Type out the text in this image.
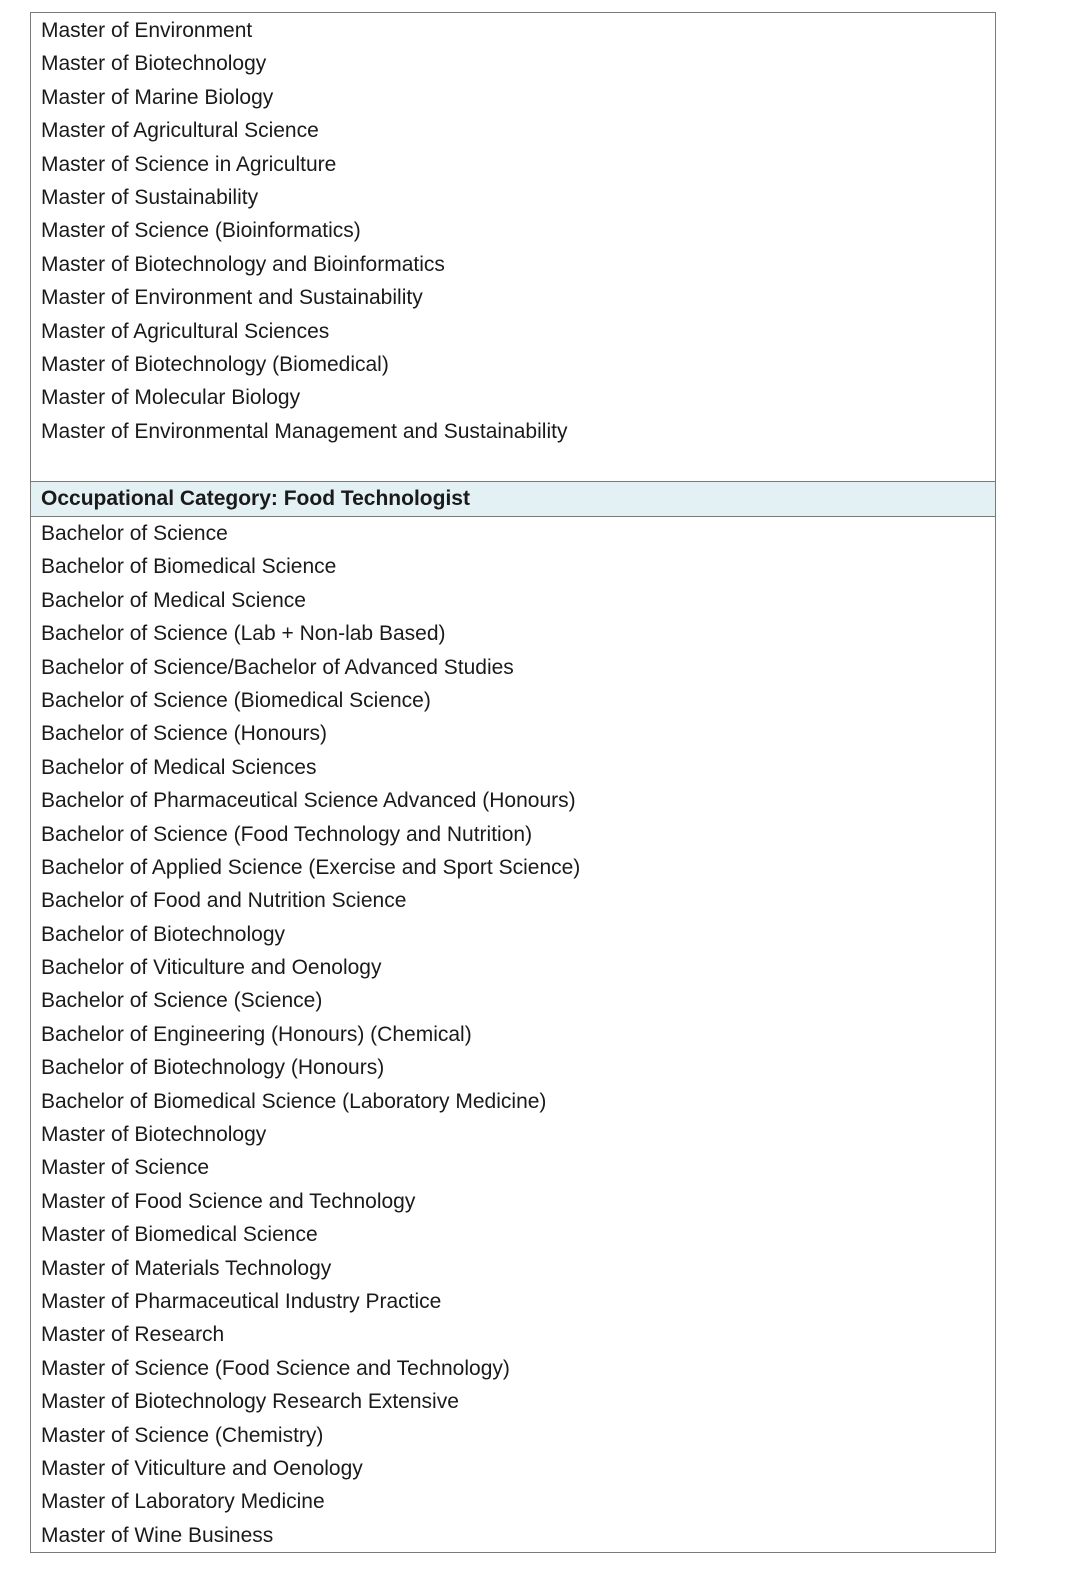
Master of Environment
Master of Biotechnology
Master of Marine Biology
Master of Agricultural Science
Master of Science in Agriculture
Master of Sustainability
Master of Science (Bioinformatics)
Master of Biotechnology and Bioinformatics
Master of Environment and Sustainability
Master of Agricultural Sciences
Master of Biotechnology (Biomedical)
Master of Molecular Biology
Master of Environmental Management and Sustainability
Occupational Category: Food Technologist
Bachelor of Science
Bachelor of Biomedical Science
Bachelor of Medical Science
Bachelor of Science (Lab + Non-lab Based)
Bachelor of Science/Bachelor of Advanced Studies
Bachelor of Science (Biomedical Science)
Bachelor of Science (Honours)
Bachelor of Medical Sciences
Bachelor of Pharmaceutical Science Advanced (Honours)
Bachelor of Science (Food Technology and Nutrition)
Bachelor of Applied Science (Exercise and Sport Science)
Bachelor of Food and Nutrition Science
Bachelor of Biotechnology
Bachelor of Viticulture and Oenology
Bachelor of Science (Science)
Bachelor of Engineering (Honours) (Chemical)
Bachelor of Biotechnology (Honours)
Bachelor of Biomedical Science (Laboratory Medicine)
Master of Biotechnology
Master of Science
Master of Food Science and Technology
Master of Biomedical Science
Master of Materials Technology
Master of Pharmaceutical Industry Practice
Master of Research
Master of Science (Food Science and Technology)
Master of Biotechnology Research Extensive
Master of Science (Chemistry)
Master of Viticulture and Oenology
Master of Laboratory Medicine
Master of Wine Business
